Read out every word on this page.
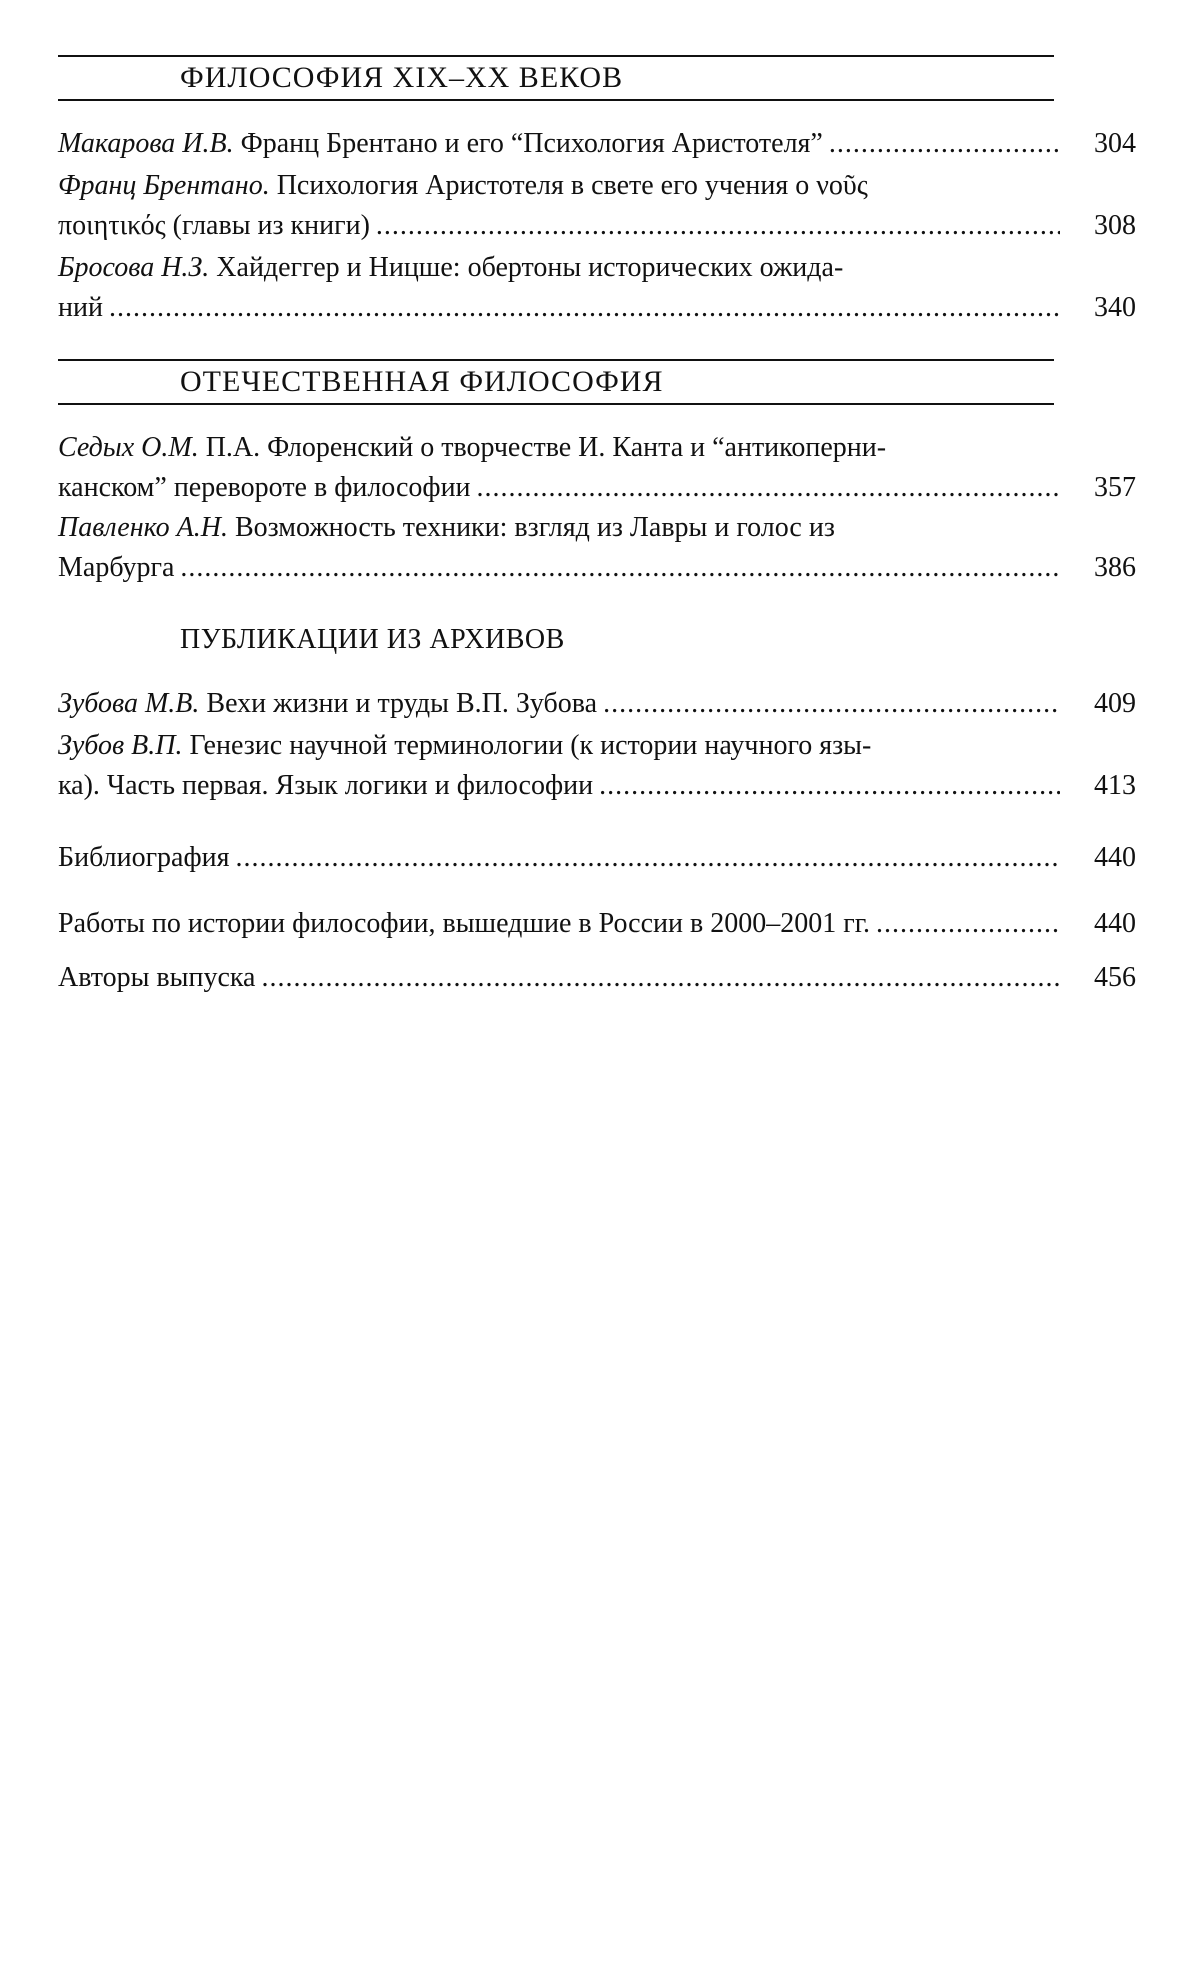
ФИЛОСОФИЯ XIX–XX ВЕКОВ
Макарова И.В. Франц Брентано и его “Психология Аристотеля” .....	304
Франц Брентано. Психология Аристотеля в свете его учения о νοῦς
ποιητικός (главы из книги) .....	308
Бросова Н.З. Хайдеггер и Ницше: обертоны исторических ожида-
ний .....	340
ОТЕЧЕСТВЕННАЯ ФИЛОСОФИЯ
Седых О.М. П.А. Флоренский о творчестве И. Канта и “антикоперни-
канском” перевороте в философии .....	357
Павленко А.Н. Возможность техники: взгляд из Лавры и голос из
Марбурга .....	386
ПУБЛИКАЦИИ ИЗ АРХИВОВ
Зубова М.В. Вехи жизни и труды В.П. Зубова .....	409
Зубов В.П. Генезис научной терминологии (к истории научного язы-
ка). Часть первая. Язык логики и философии .....	413
Библиография .....	440
Работы по истории философии, вышедшие в России в 2000–2001 гг. .....	440
Авторы выпуска .....	456
